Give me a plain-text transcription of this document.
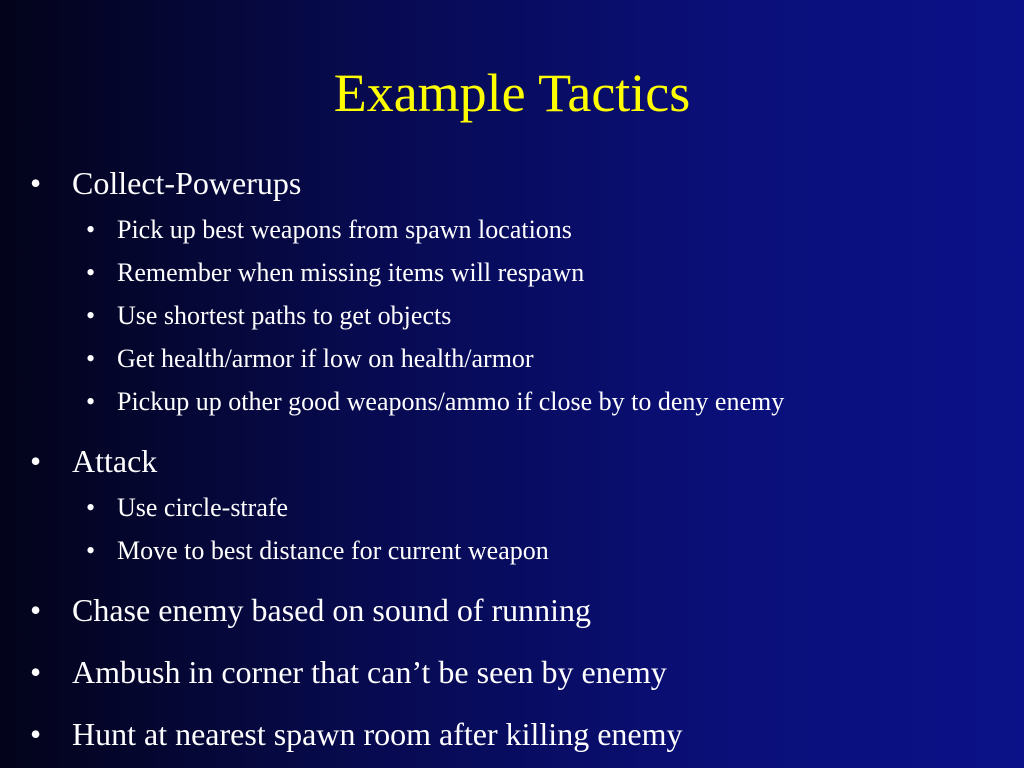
Example Tactics
• Collect-Powerups
• Pick up best weapons from spawn locations
• Remember when missing items will respawn
• Use shortest paths to get objects
• Get health/armor if low on health/armor
• Pickup up other good weapons/ammo if close by to deny enemy
• Attack
• Use circle-strafe
• Move to best distance for current weapon
• Chase enemy based on sound of running
• Ambush in corner that can’t be seen by enemy
• Hunt at nearest spawn room after killing enemy
